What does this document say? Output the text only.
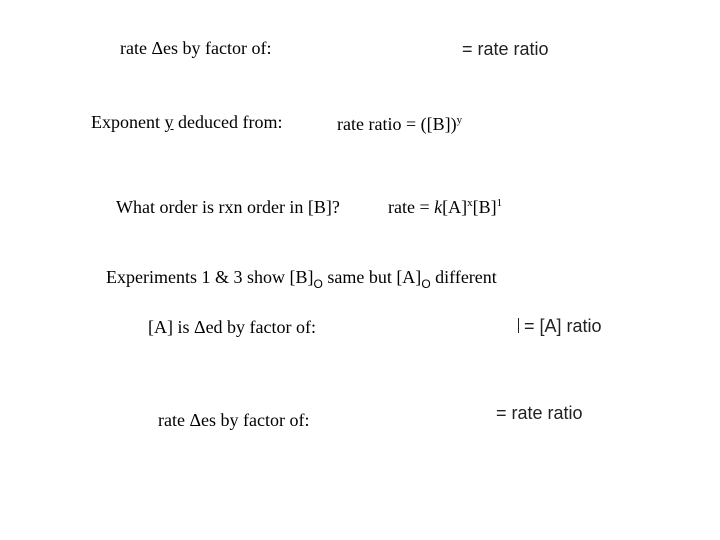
rate Δes by factor of:	= rate ratio
Exponent y deduced from:	rate ratio = $([B])^y$
What order is rxn order in [B]?	rate = $k[A]^x[B]^1$
Experiments 1 & 3 show $[B]_O$ same but $[A]_O$ different
[A] is Δed by factor of:	= [A] ratio
rate Δes by factor of:	= rate ratio
